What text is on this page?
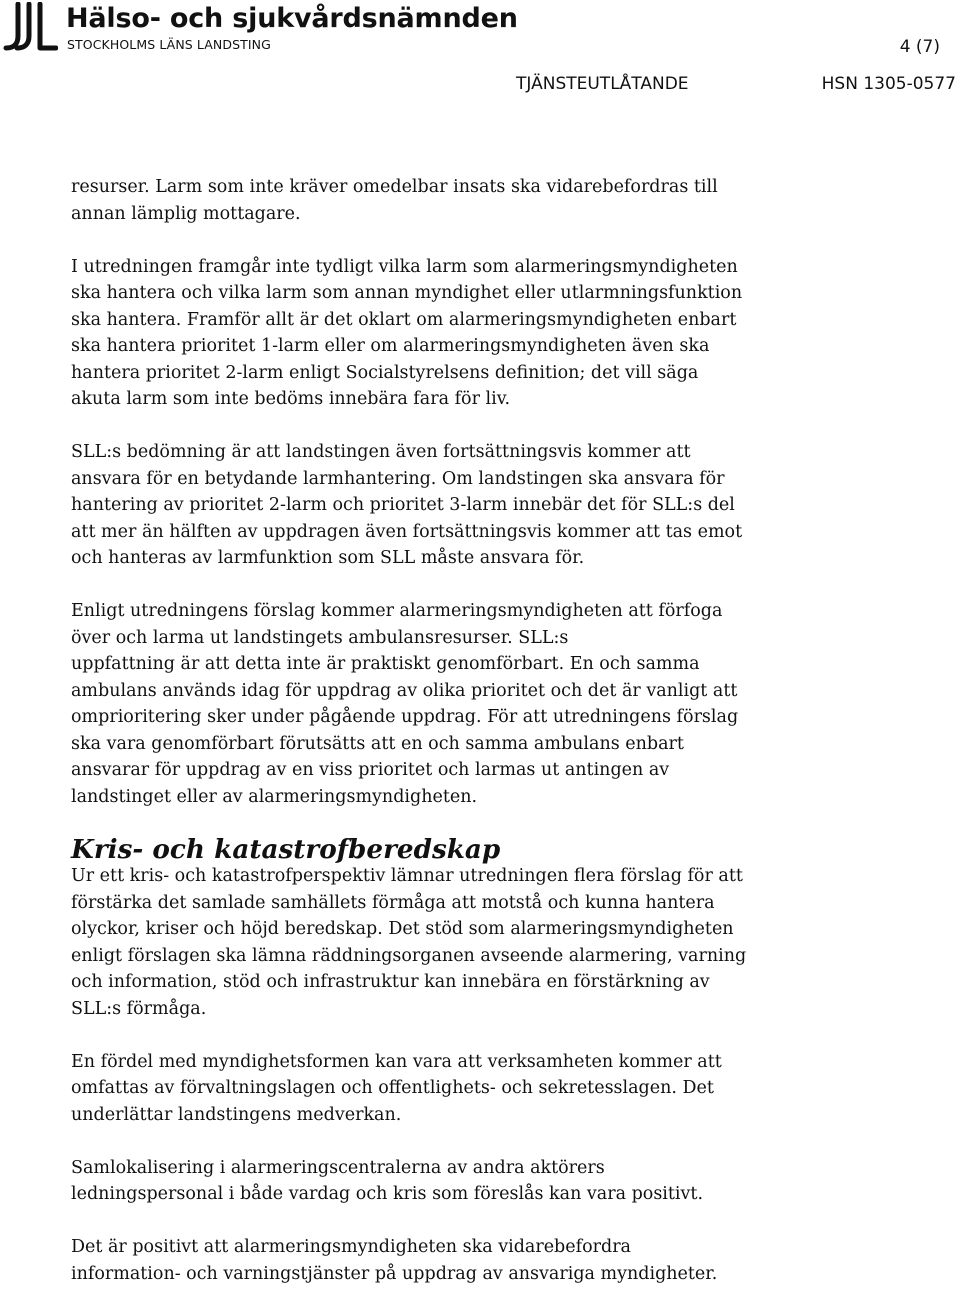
Hälso- och sjukvårdsnämnden
STOCKHOLMS LÄNS LANDSTING	4 (7)
TJÄNSTEUTLÅTANDE	HSN 1305-0577

resurser. Larm som inte kräver omedelbar insats ska vidarebefordras till
annan lämplig mottagare.

I utredningen framgår inte tydligt vilka larm som alarmeringsmyndigheten
ska hantera och vilka larm som annan myndighet eller utlarmningsfunktion
ska hantera. Framför allt är det oklart om alarmeringsmyndigheten enbart
ska hantera prioritet 1-larm eller om alarmeringsmyndigheten även ska
hantera prioritet 2-larm enligt Socialstyrelsens definition; det vill säga
akuta larm som inte bedöms innebära fara för liv.

SLL:s bedömning är att landstingen även fortsättningsvis kommer att
ansvara för en betydande larmhantering. Om landstingen ska ansvara för
hantering av prioritet 2-larm och prioritet 3-larm innebär det för SLL:s del
att mer än hälften av uppdragen även fortsättningsvis kommer att tas emot
och hanteras av larmfunktion som SLL måste ansvara för.

Enligt utredningens förslag kommer alarmeringsmyndigheten att förfoga
över och larma ut landstingets ambulansresurser. SLL:s
uppfattning är att detta inte är praktiskt genomförbart. En och samma
ambulans används idag för uppdrag av olika prioritet och det är vanligt att
omprioritering sker under pågående uppdrag. För att utredningens förslag
ska vara genomförbart förutsätts att en och samma ambulans enbart
ansvarar för uppdrag av en viss prioritet och larmas ut antingen av
landstinget eller av alarmeringsmyndigheten.

Kris- och katastrofberedskap

Ur ett kris- och katastrofperspektiv lämnar utredningen flera förslag för att
förstärka det samlade samhällets förmåga att motstå och kunna hantera
olyckor, kriser och höjd beredskap. Det stöd som alarmeringsmyndigheten
enligt förslagen ska lämna räddningsorganen avseende alarmering, varning
och information, stöd och infrastruktur kan innebära en förstärkning av
SLL:s förmåga.

En fördel med myndighetsformen kan vara att verksamheten kommer att
omfattas av förvaltningslagen och offentlighets- och sekretesslagen. Det
underlättar landstingens medverkan.

Samlokalisering i alarmeringscentralerna av andra aktörers
ledningspersonal i både vardag och kris som föreslås kan vara positivt.

Det är positivt att alarmeringsmyndigheten ska vidarebefordra
information- och varningstjänster på uppdrag av ansvariga myndigheter.
